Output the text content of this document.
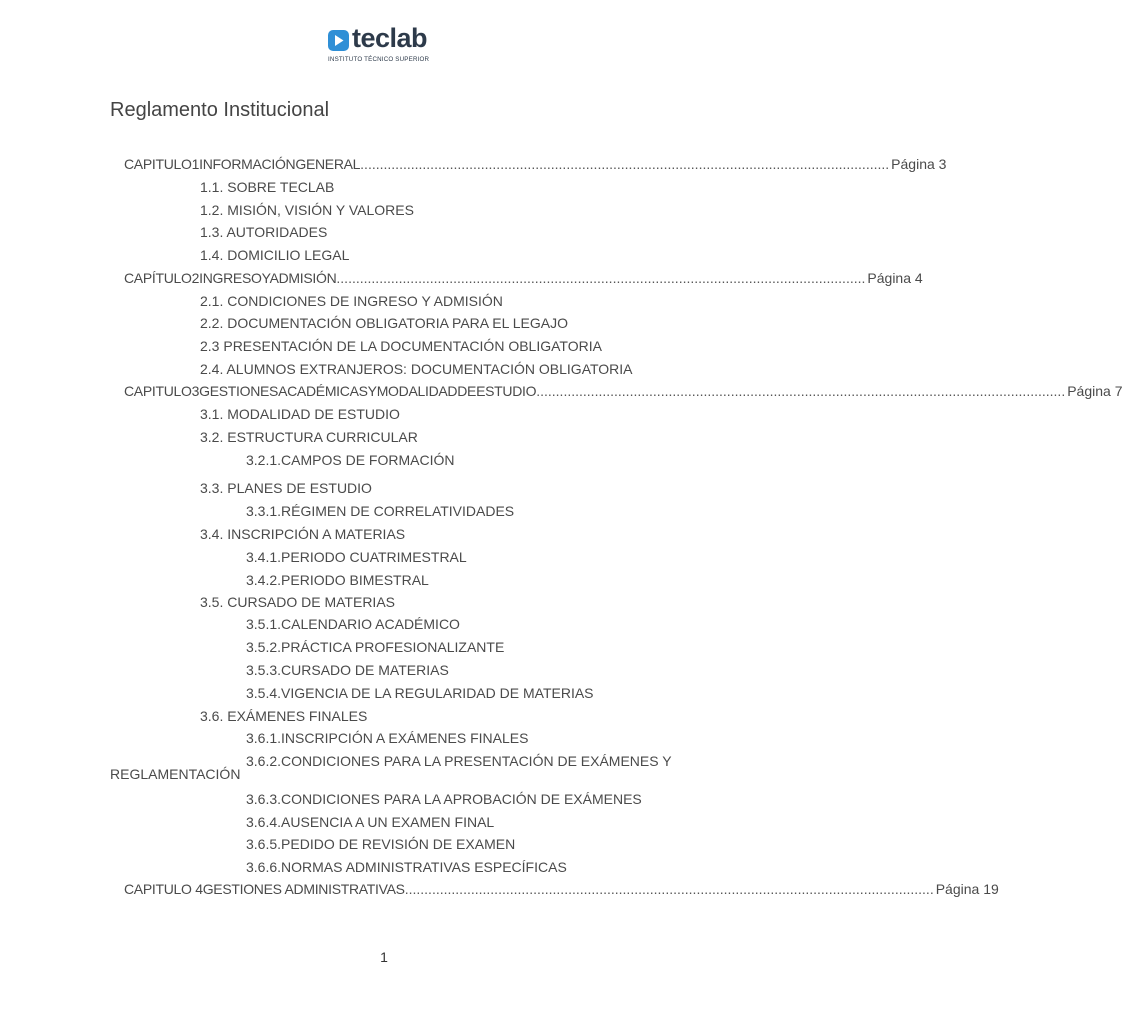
teclab
INSTITUTO TÉCNICO SUPERIOR
Reglamento Institucional
CAPITULO1INFORMACIÓNGENERAL ........................................................................................................................................ Página 3
1.1. SOBRE TECLAB
1.2. MISIÓN, VISIÓN Y VALORES
1.3. AUTORIDADES
1.4. DOMICILIO LEGAL
CAPÍTULO2INGRESOYADMISIÓN ........................................................................................................................................ Página 4
2.1. CONDICIONES DE INGRESO Y ADMISIÓN
2.2. DOCUMENTACIÓN OBLIGATORIA PARA EL LEGAJO
2.3 PRESENTACIÓN DE LA DOCUMENTACIÓN OBLIGATORIA
2.4. ALUMNOS EXTRANJEROS: DOCUMENTACIÓN OBLIGATORIA
CAPITULO3GESTIONESACADÉMICASYMODALIDADDEESTUDIO ........................................................................................................................................ Página 7
3.1. MODALIDAD DE ESTUDIO
3.2. ESTRUCTURA CURRICULAR
3.2.1.CAMPOS DE FORMACIÓN
3.3. PLANES DE ESTUDIO
3.3.1.RÉGIMEN DE CORRELATIVIDADES
3.4. INSCRIPCIÓN A MATERIAS
3.4.1.PERIODO CUATRIMESTRAL
3.4.2.PERIODO BIMESTRAL
3.5. CURSADO DE MATERIAS
3.5.1.CALENDARIO ACADÉMICO
3.5.2.PRÁCTICA PROFESIONALIZANTE
3.5.3.CURSADO DE MATERIAS
3.5.4.VIGENCIA DE LA REGULARIDAD DE MATERIAS
3.6. EXÁMENES FINALES
3.6.1.INSCRIPCIÓN A EXÁMENES FINALES
3.6.2.CONDICIONES PARA LA PRESENTACIÓN DE EXÁMENES Y
REGLAMENTACIÓN
3.6.3.CONDICIONES PARA LA APROBACIÓN DE EXÁMENES
3.6.4.AUSENCIA A UN EXAMEN FINAL
3.6.5.PEDIDO DE REVISIÓN DE EXAMEN
3.6.6.NORMAS ADMINISTRATIVAS ESPECÍFICAS
CAPITULO 4GESTIONES ADMINISTRATIVAS ........................................................................................................................................ Página 19
1
